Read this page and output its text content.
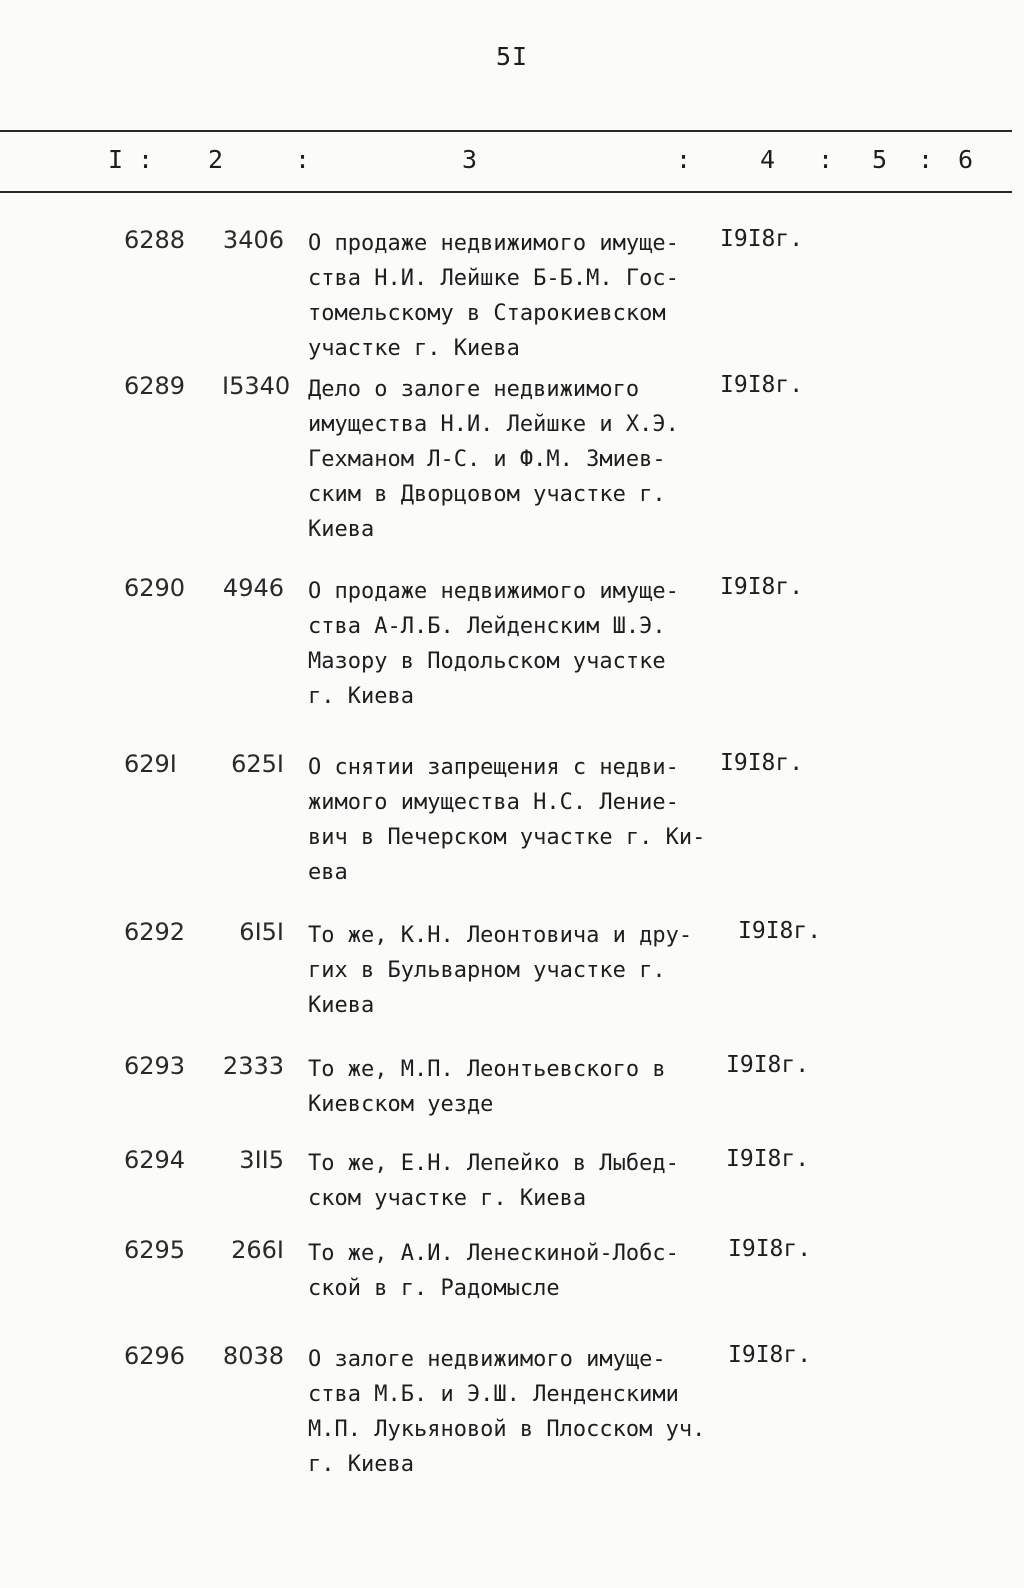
5I
I : 2	:	3	:	4 : 5 : 6
6288 3406 О продаже недвижимого имуще-
ства Н.И. Лейшке Б-Б.М. Гос-
томельскому в Старокиевском
участке г. Киева

I9I8г.
6289 I5340 Дело о залоге недвижимого
имущества Н.И. Лейшке и Х.Э.
Гехманом Л-С. и Ф.М. Змиев-
ским в Дворцовом участке г.
Киева

I9I8г.
6290 4946 О продаже недвижимого имуще-
ства А-Л.Б. Лейденским Ш.Э.
Мазору в Подольском участке
г. Киева

I9I8г.
629I	625I О снятии запрещения с недви-
жимого имущества Н.С. Лениe-
вич в Печерском участке г. Ки-
ева

I9I8г.
6292	6I5I То же, К.Н. Леонтовича и дру-
гих в Бульварном участке г.
Киева

I9I8г.
6293 2333 То же, М.П. Леонтьевского в
Киевском уезде

I9I8г.
6294	3II5 То же, Е.Н. Лепейко в Лыбед-
ском участке г. Киева

I9I8г.
6295	266I То же, А.И. Ленескиной-Лобс-
ской в г. Радомысле

I9I8г.
6296 8038 О залоге недвижимого имуще-
ства М.Б. и Э.Ш. Ленденскими
М.П. Лукьяновой в Плосском уч.
г. Киева

I9I8г.
